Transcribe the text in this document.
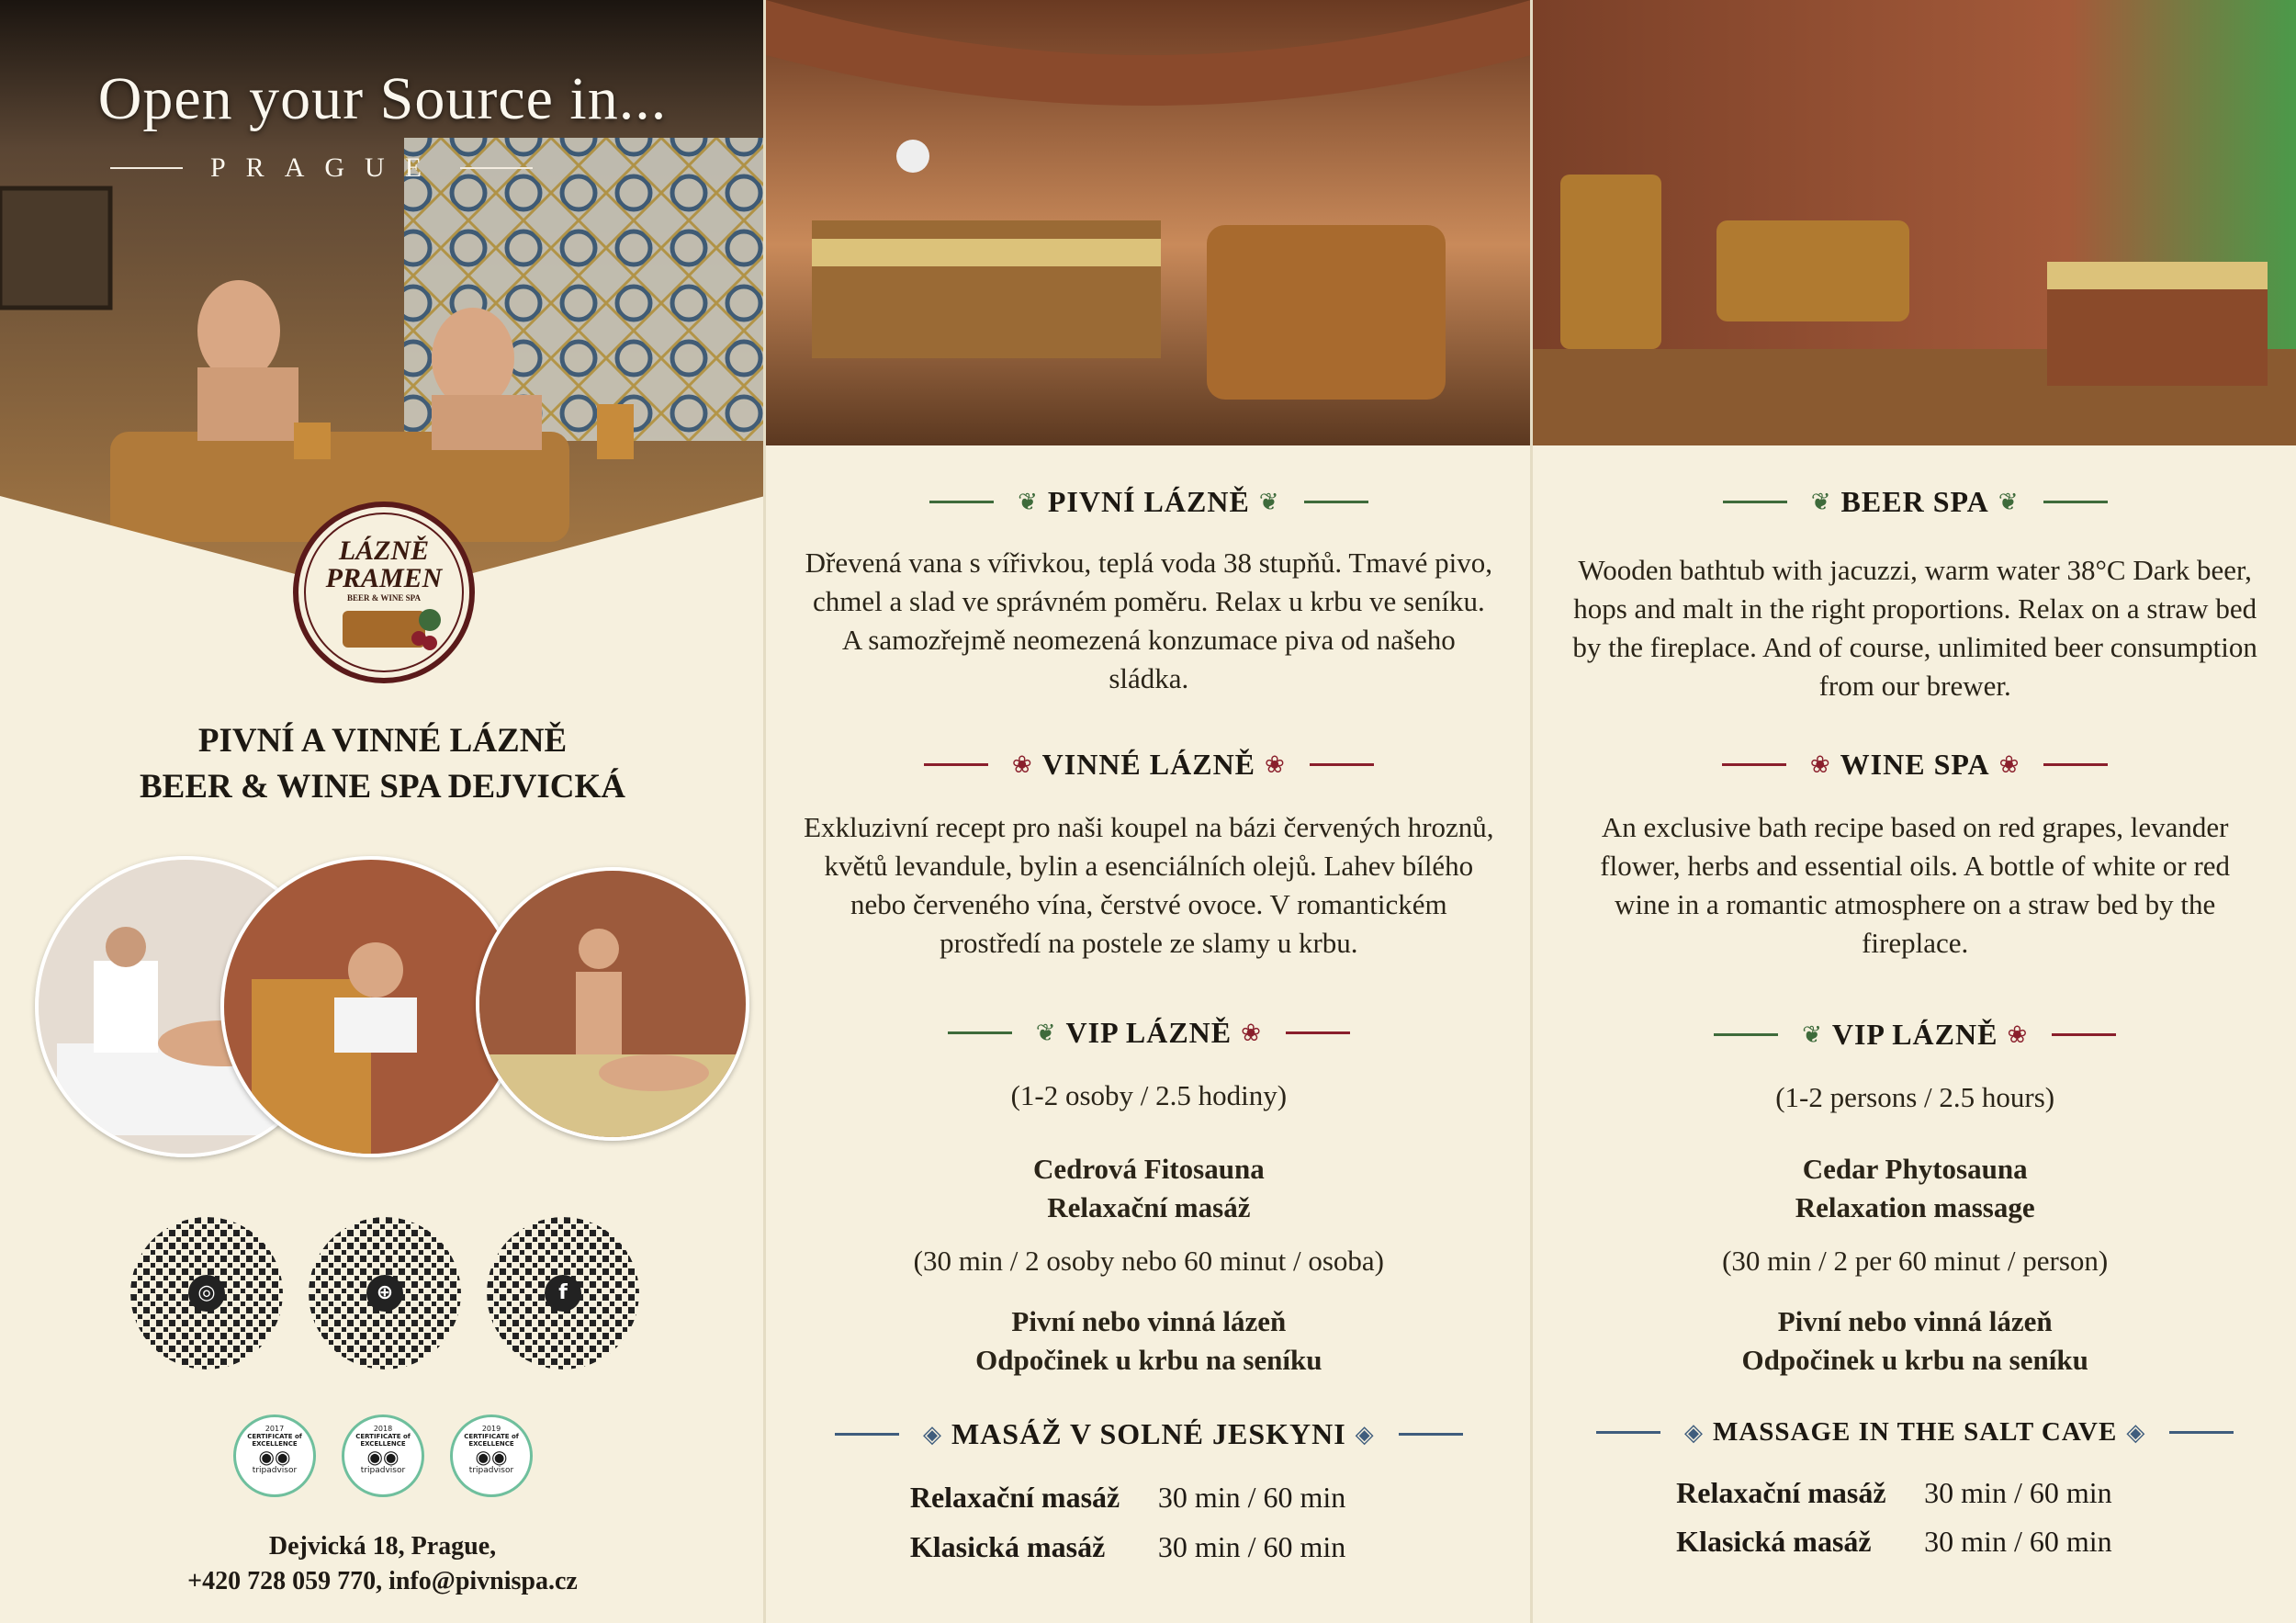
Open your Source in...
PRAGUE
LÁZNĚ
PRAMEN
BEER & WINE SPA
PIVNÍ A VINNÉ LÁZNĚ
BEER & WINE SPA DEJVICKÁ
◎	⊕	f
2017
CERTIFICATE of EXCELLENCE
◉◉
tripadvisor
2018
CERTIFICATE of EXCELLENCE
◉◉
tripadvisor
2019
CERTIFICATE of EXCELLENCE
◉◉
tripadvisor
Dejvická 18, Prague,
+420 728 059 770, info@pivnispa.cz
❦ PIVNÍ LÁZNĚ ❦
Dřevená vana s vířivkou, teplá voda 38 stupňů. Tmavé pivo, chmel a slad ve správném poměru. Relax u krbu ve seníku. A samozřejmě neomezená konzumace piva od našeho sládka.
❀ VINNÉ LÁZNĚ ❀
Exkluzivní recept pro naši koupel na bázi červených hroznů, květů levandule, bylin a esenciálních olejů. Lahev bílého nebo červeného vína, čerstvé ovoce. V romantickém prostředí na postele ze slamy u krbu.
❦ VIP LÁZNĚ ❀
(1-2 osoby / 2.5 hodiny)
Cedrová Fitosauna
Relaxační masáž
(30 min / 2 osoby nebo 60 minut / osoba)
Pivní nebo vinná lázeň
Odpočinek u krbu na seníku
◈ MASÁŽ V SOLNÉ JESKYNI ◈
Relaxační masáž	30 min / 60 min
Klasická masáž	30 min / 60 min
❦ BEER SPA ❦
Wooden bathtub with jacuzzi, warm water 38°C Dark beer, hops and malt in the right proportions. Relax on a straw bed by the fireplace. And of course, unlimited beer consumption from our brewer.
❀ WINE SPA ❀
An exclusive bath recipe based on red grapes, levander flower, herbs and essential oils. A bottle of white or red wine in a romantic atmosphere on a straw bed by the fireplace.
❦ VIP LÁZNĚ ❀
(1-2 persons / 2.5 hours)
Cedar Phytosauna
Relaxation massage
(30 min / 2 per 60 minut / person)
Pivní nebo vinná lázeň
Odpočinek u krbu na seníku
◈ MASSAGE IN THE SALT CAVE ◈
Relaxační masáž	30 min / 60 min
Klasická masáž	30 min / 60 min
